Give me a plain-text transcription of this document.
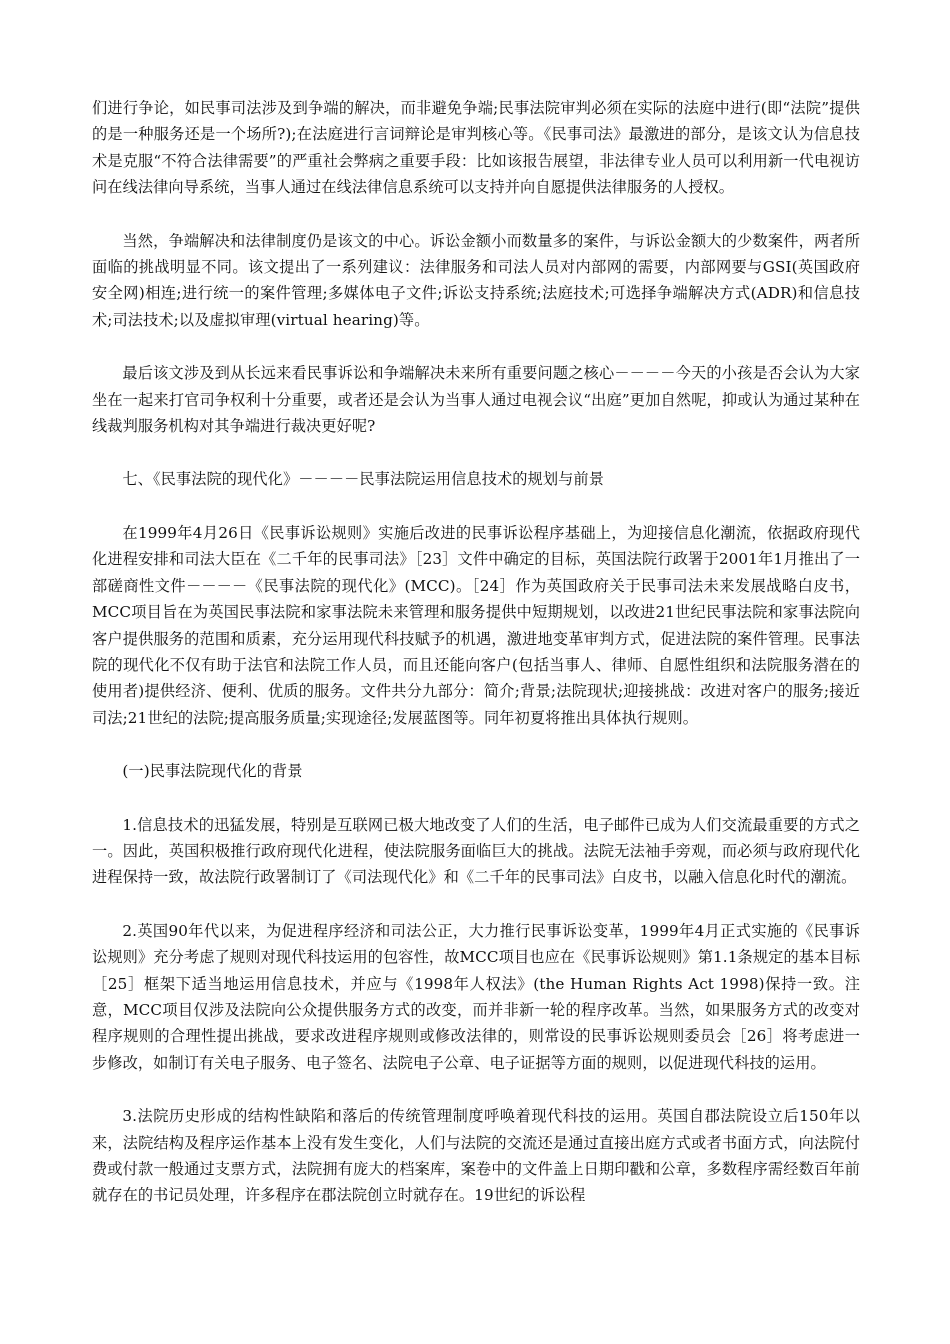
们进行争论，如民事司法涉及到争端的解决，而非避免争端;民事法院审判必须在实际的法庭中进行(即“法院”提供的是一种服务还是一个场所?);在法庭进行言词辩论是审判核心等。《民事司法》最激进的部分，是该文认为信息技术是克服“不符合法律需要”的严重社会弊病之重要手段：比如该报告展望，非法律专业人员可以利用新一代电视访问在线法律向导系统，当事人通过在线法律信息系统可以支持并向自愿提供法律服务的人授权。

当然，争端解决和法律制度仍是该文的中心。诉讼金额小而数量多的案件，与诉讼金额大的少数案件，两者所面临的挑战明显不同。该文提出了一系列建议：法律服务和司法人员对内部网的需要，内部网要与GSI(英国政府安全网)相连;进行统一的案件管理;多媒体电子文件;诉讼支持系统;法庭技术;可选择争端解决方式(ADR)和信息技术;司法技术;以及虚拟审理(virtual hearing)等。

最后该文涉及到从长远来看民事诉讼和争端解决未来所有重要问题之核心－－－－今天的小孩是否会认为大家坐在一起来打官司争权利十分重要，或者还是会认为当事人通过电视会议“出庭”更加自然呢，抑或认为通过某种在线裁判服务机构对其争端进行裁决更好呢?

七、《民事法院的现代化》－－－－民事法院运用信息技术的规划与前景

在1999年4月26日《民事诉讼规则》实施后改进的民事诉讼程序基础上，为迎接信息化潮流，依据政府现代化进程安排和司法大臣在《二千年的民事司法》［23］文件中确定的目标，英国法院行政署于2001年1月推出了一部磋商性文件－－－－《民事法院的现代化》(MCC)。［24］作为英国政府关于民事司法未来发展战略白皮书，MCC项目旨在为英国民事法院和家事法院未来管理和服务提供中短期规划，以改进21世纪民事法院和家事法院向客户提供服务的范围和质素，充分运用现代科技赋予的机遇，激进地变革审判方式，促进法院的案件管理。民事法院的现代化不仅有助于法官和法院工作人员，而且还能向客户(包括当事人、律师、自愿性组织和法院服务潜在的使用者)提供经济、便利、优质的服务。文件共分九部分：简介;背景;法院现状;迎接挑战：改进对客户的服务;接近司法;21世纪的法院;提高服务质量;实现途径;发展蓝图等。同年初夏将推出具体执行规则。

(一)民事法院现代化的背景

1.信息技术的迅猛发展，特别是互联网已极大地改变了人们的生活，电子邮件已成为人们交流最重要的方式之一。因此，英国积极推行政府现代化进程，使法院服务面临巨大的挑战。法院无法袖手旁观，而必须与政府现代化进程保持一致，故法院行政署制订了《司法现代化》和《二千年的民事司法》白皮书，以融入信息化时代的潮流。

2.英国90年代以来，为促进程序经济和司法公正，大力推行民事诉讼变革，1999年4月正式实施的《民事诉讼规则》充分考虑了规则对现代科技运用的包容性，故MCC项目也应在《民事诉讼规则》第1.1条规定的基本目标［25］框架下适当地运用信息技术，并应与《1998年人权法》(the Human Rights Act 1998)保持一致。注意，MCC项目仅涉及法院向公众提供服务方式的改变，而并非新一轮的程序改革。当然，如果服务方式的改变对程序规则的合理性提出挑战，要求改进程序规则或修改法律的，则常设的民事诉讼规则委员会［26］将考虑进一步修改，如制订有关电子服务、电子签名、法院电子公章、电子证据等方面的规则，以促进现代科技的运用。

3.法院历史形成的结构性缺陷和落后的传统管理制度呼唤着现代科技的运用。英国自郡法院设立后150年以来，法院结构及程序运作基本上没有发生变化，人们与法院的交流还是通过直接出庭方式或者书面方式，向法院付费或付款一般通过支票方式，法院拥有庞大的档案库，案卷中的文件盖上日期印戳和公章，多数程序需经数百年前就存在的书记员处理，许多程序在郡法院创立时就存在。19世纪的诉讼程
